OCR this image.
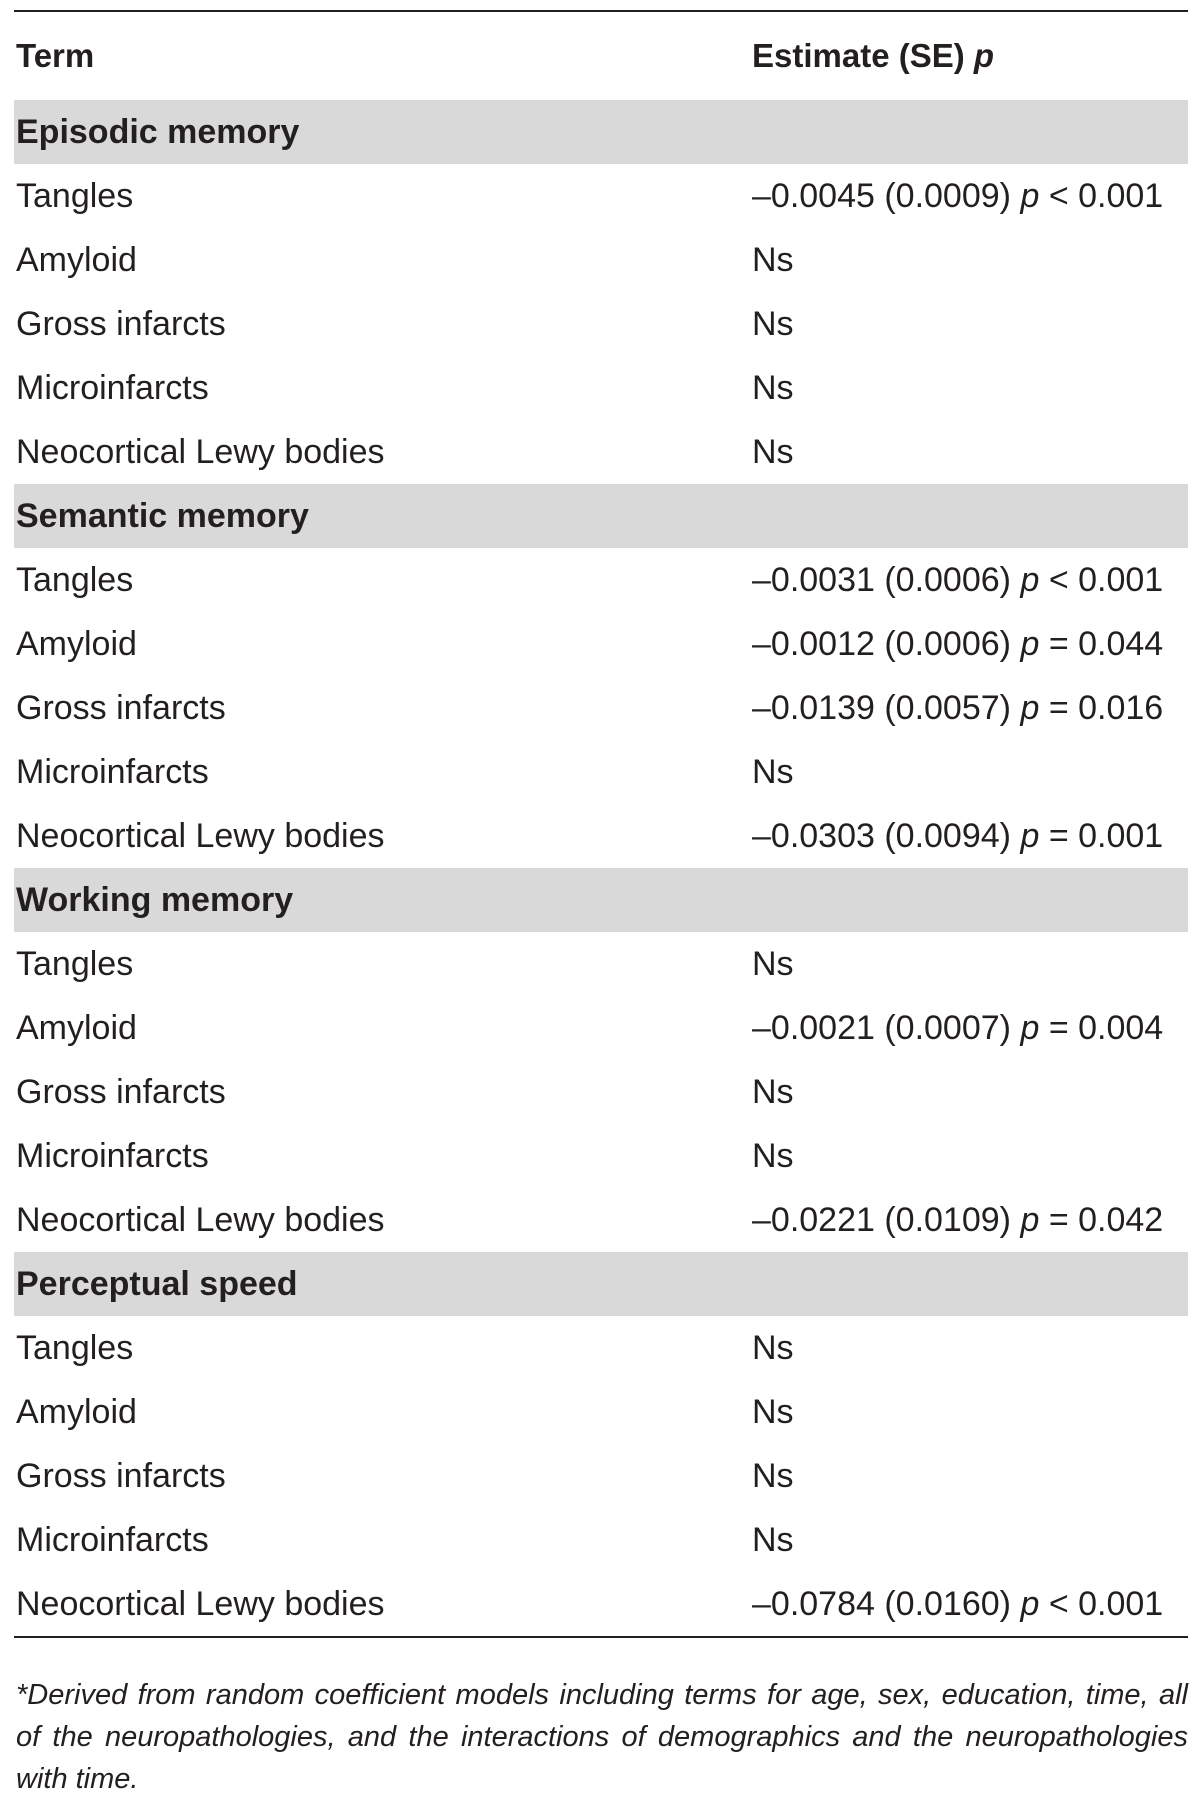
Term	Estimate (SE) p
Episodic memory
Tangles	–0.0045 (0.0009) p < 0.001
Amyloid	Ns
Gross infarcts	Ns
Microinfarcts	Ns
Neocortical Lewy bodies	Ns
Semantic memory
Tangles	–0.0031 (0.0006) p < 0.001
Amyloid	–0.0012 (0.0006) p = 0.044
Gross infarcts	–0.0139 (0.0057) p = 0.016
Microinfarcts	Ns
Neocortical Lewy bodies	–0.0303 (0.0094) p = 0.001
Working memory
Tangles	Ns
Amyloid	–0.0021 (0.0007) p = 0.004
Gross infarcts	Ns
Microinfarcts	Ns
Neocortical Lewy bodies	–0.0221 (0.0109) p = 0.042
Perceptual speed
Tangles	Ns
Amyloid	Ns
Gross infarcts	Ns
Microinfarcts	Ns
Neocortical Lewy bodies	–0.0784 (0.0160) p < 0.001
*Derived from random coefficient models including terms for age, sex, education, time, all of the neuropathologies, and the interactions of demographics and the neuropathologies with time.
